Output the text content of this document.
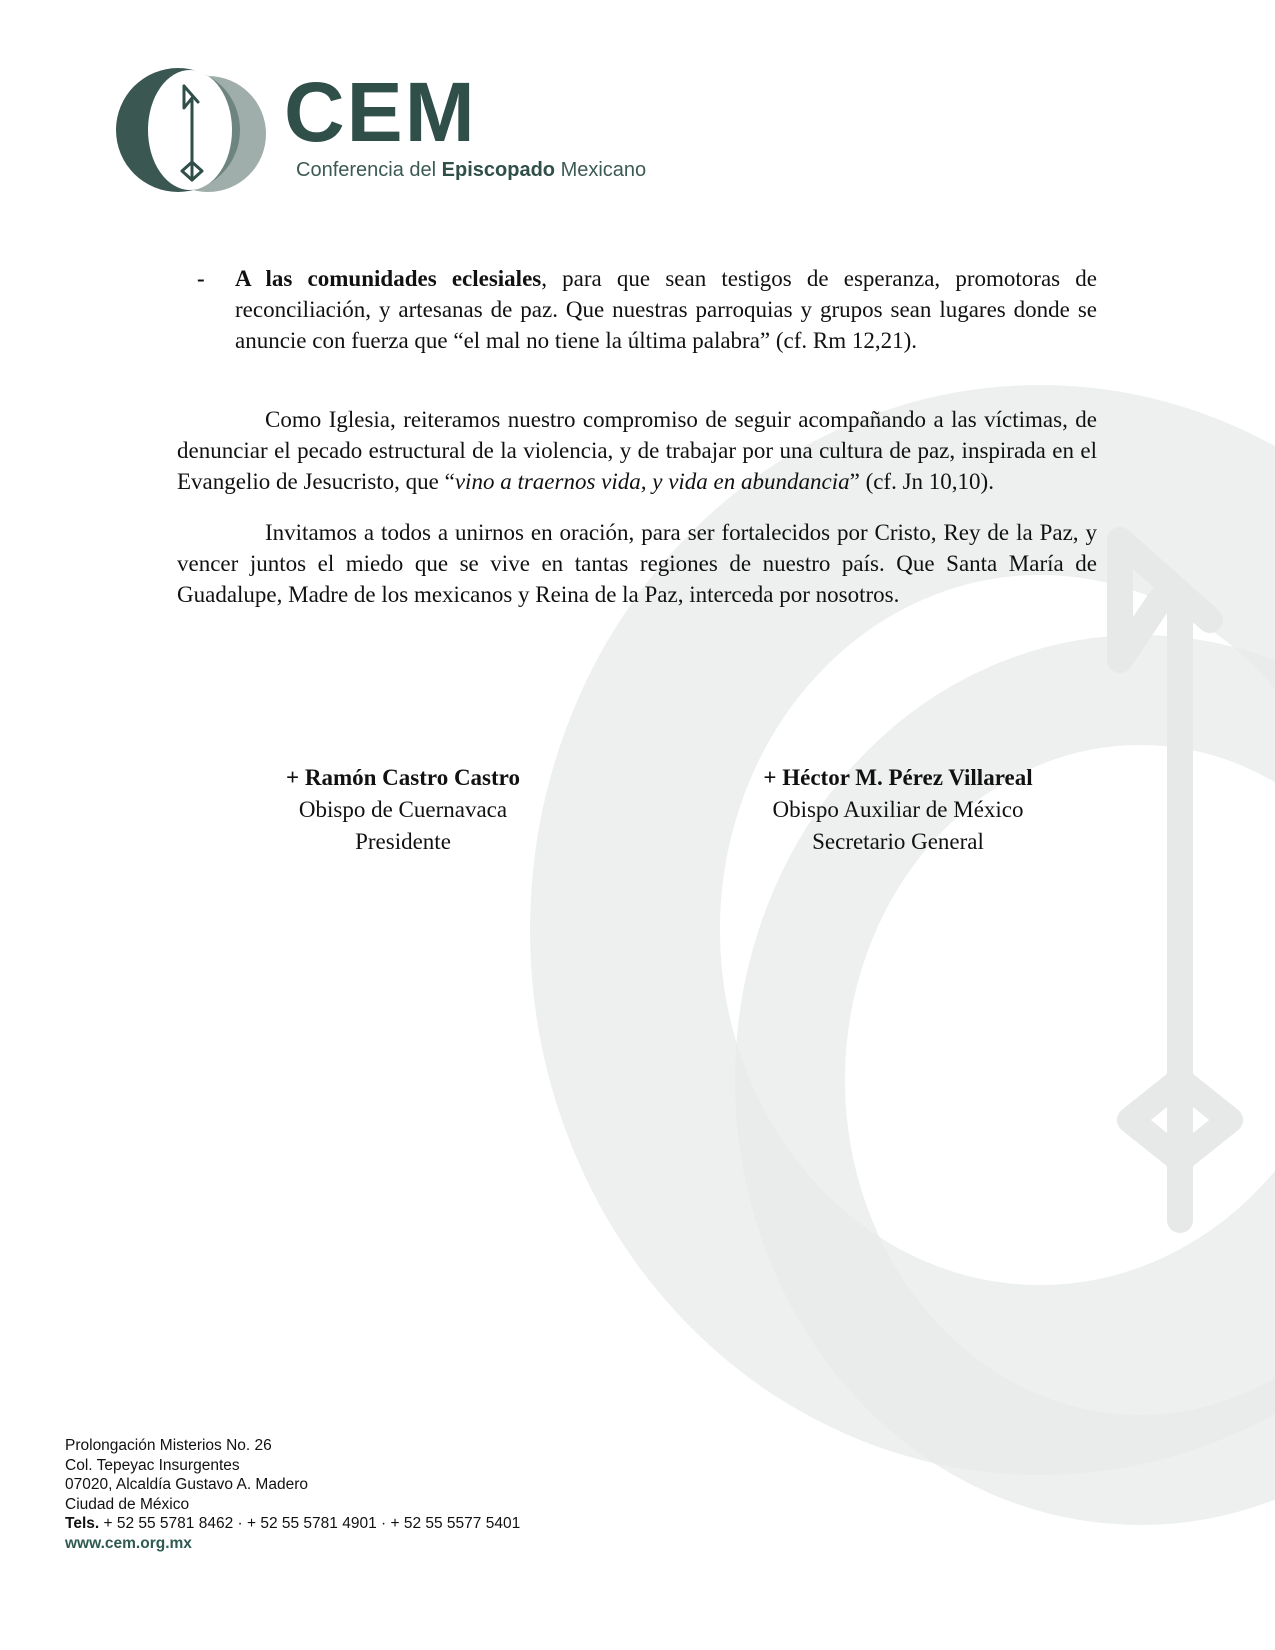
CEM
Conferencia del Episcopado Mexicano
- A las comunidades eclesiales, para que sean testigos de esperanza, promotoras de reconciliación, y artesanas de paz. Que nuestras parroquias y grupos sean lugares donde se anuncie con fuerza que “el mal no tiene la última palabra” (cf. Rm 12,21).

Como Iglesia, reiteramos nuestro compromiso de seguir acompañando a las víctimas, de denunciar el pecado estructural de la violencia, y de trabajar por una cultura de paz, inspirada en el Evangelio de Jesucristo, que “vino a traernos vida, y vida en abundancia” (cf. Jn 10,10).

Invitamos a todos a unirnos en oración, para ser fortalecidos por Cristo, Rey de la Paz, y vencer juntos el miedo que se vive en tantas regiones de nuestro país. Que Santa María de Guadalupe, Madre de los mexicanos y Reina de la Paz, interceda por nosotros.

+ Ramón Castro Castro
Obispo de Cuernavaca
Presidente
+ Héctor M. Pérez Villareal
Obispo Auxiliar de México
Secretario General
Prolongación Misterios No. 26
Col. Tepeyac Insurgentes
07020, Alcaldía Gustavo A. Madero
Ciudad de México
Tels. + 52 55 5781 8462 · + 52 55 5781 4901 · + 52 55 5577 5401
www.cem.org.mx
